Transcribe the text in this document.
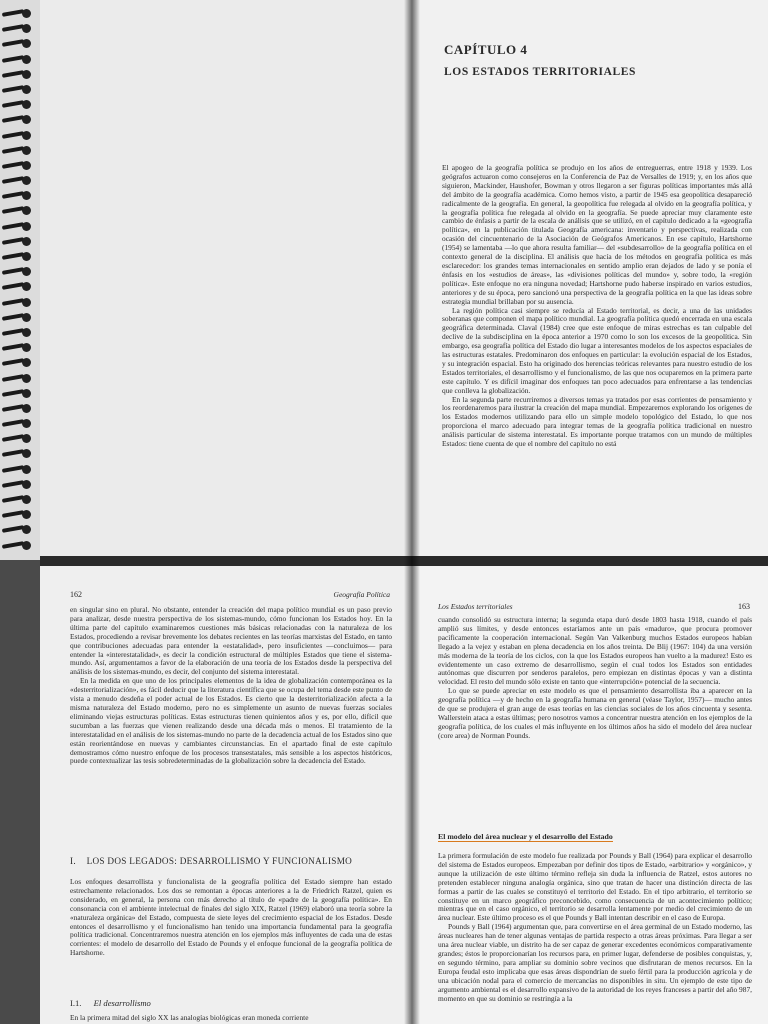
CAPÍTULO 4
LOS ESTADOS TERRITORIALES

El apogeo de la geografía política se produjo en los años de entreguerras, entre 1918 y 1939. Los geógrafos actuaron como consejeros en la Conferencia de Paz de Versalles de 1919; y, en los años que siguieron, Mackinder, Haushofer, Bowman y otros llegaron a ser figuras políticas importantes más allá del ámbito de la geografía académica. Como hemos visto, a partir de 1945 esa geopolítica desapareció radicalmente de la geografía. En general, la geopolítica fue relegada al olvido en la geografía política, y la geografía política fue relegada al olvido en la geografía. Se puede apreciar muy claramente este cambio de énfasis a partir de la escala de análisis que se utilizó, en el capítulo dedicado a la «geografía política», en la publicación titulada Geografía americana: inventario y perspectivas, realizada con ocasión del cincuentenario de la Asociación de Geógrafos Americanos. En ese capítulo, Hartshorne (1954) se lamentaba —lo que ahora resulta familiar— del «subdesarrollo» de la geografía política en el contexto general de la disciplina. El análisis que hacía de los métodos en geografía política es más esclarecedor: los grandes temas internacionales en sentido amplio eran dejados de lado y se ponía el énfasis en los «estudios de áreas», las «divisiones políticas del mundo» y, sobre todo, la «región política». Este enfoque no era ninguna novedad; Hartshorne pudo haberse inspirado en varios estudios, anteriores y de su época, pero sancionó una perspectiva de la geografía política en la que las ideas sobre estrategia mundial brillaban por su ausencia.

La región política casi siempre se reducía al Estado territorial, es decir, a una de las unidades soberanas que componen el mapa político mundial. La geografía política quedó encerrada en una escala geográfica determinada. Claval (1984) cree que este enfoque de miras estrechas es tan culpable del declive de la subdisciplina en la época anterior a 1970 como lo son los excesos de la geopolítica. Sin embargo, esa geografía política del Estado dio lugar a interesantes modelos de los aspectos espaciales de las estructuras estatales. Predominaron dos enfoques en particular: la evolución espacial de los Estados, y su integración espacial. Esto ha originado dos herencias teóricas relevantes para nuestro estudio de los Estados territoriales, el desarrollismo y el funcionalismo, de las que nos ocuparemos en la primera parte este capítulo. Y es difícil imaginar dos enfoques tan poco adecuados para enfrentarse a las tendencias que conlleva la globalización.

En la segunda parte recurriremos a diversos temas ya tratados por esas corrientes de pensamiento y los reordenaremos para ilustrar la creación del mapa mundial. Empezaremos explorando los orígenes de los Estados modernos utilizando para ello un simple modelo topológico del Estado, lo que nos proporciona el marco adecuado para integrar temas de la geografía política tradicional en nuestro análisis particular de sistema interestatal. Es importante porque tratamos con un mundo de múltiples Estados: tiene cuenta de que el nombre del capítulo no está

162	Geografía Política

en singular sino en plural. No obstante, entender la creación del mapa político mundial es un paso previo para analizar, desde nuestra perspectiva de los sistemas-mundo, cómo funcionan los Estados hoy. En la última parte del capítulo examinaremos cuestiones más básicas relacionadas con la naturaleza de los Estados, procediendo a revisar brevemente los debates recientes en las teorías marxistas del Estado, en tanto que contribuciones adecuadas para entender la «estatalidad», pero insuficientes —concluimos— para entender la «interestatalidad», es decir la condición estructural de múltiples Estados que tiene el sistema-mundo. Así, argumentamos a favor de la elaboración de una teoría de los Estados desde la perspectiva del análisis de los sistemas-mundo, es decir, del conjunto del sistema interestatal.

En la medida en que uno de los principales elementos de la idea de globalización contemporánea es la «desterritorialización», es fácil deducir que la literatura científica que se ocupa del tema desde este punto de vista a menudo desdeña el poder actual de los Estados. Es cierto que la desterritorialización afecta a la misma naturaleza del Estado moderno, pero no es simplemente un asunto de nuevas fuerzas sociales eliminando viejas estructuras políticas. Estas estructuras tienen quinientos años y es, por ello, difícil que sucumban a las fuerzas que vienen realizando desde una década más o menos. El tratamiento de la interestatalidad en el análisis de los sistemas-mundo no parte de la decadencia actual de los Estados sino que están reorientándose en nuevas y cambiantes circunstancias. En el apartado final de este capítulo demostramos cómo nuestro enfoque de los procesos transestatales, más sensible a los aspectos históricos, puede contextualizar las tesis sobredeterminadas de la globalización sobre la decadencia del Estado.

I. LOS DOS LEGADOS: DESARROLLISMO Y FUNCIONALISMO

Los enfoques desarrollista y funcionalista de la geografía política del Estado siempre han estado estrechamente relacionados. Los dos se remontan a épocas anteriores a la de Friedrich Ratzel, quien es considerado, en general, la persona con más derecho al título de «padre de la geografía política». En consonancia con el ambiente intelectual de finales del siglo XIX, Ratzel (1969) elaboró una teoría sobre la «naturaleza orgánica» del Estado, compuesta de siete leyes del crecimiento espacial de los Estados. Desde entonces el desarrollismo y el funcionalismo han tenido una importancia fundamental para la geografía política tradicional. Concentraremos nuestra atención en los ejemplos más influyentes de cada una de estas corrientes: el modelo de desarrollo del Estado de Pounds y el enfoque funcional de la geografía política de Hartshorne.

I.1. El desarrollismo

En la primera mitad del siglo XX las analogías biológicas eran moneda corriente

Los Estados territoriales	163

cuando consolidó su estructura interna; la segunda etapa duró desde 1803 hasta 1918, cuando el país amplió sus límites, y desde entonces estaríamos ante un país «maduro», que procura promover pacíficamente la cooperación internacional. Según Van Valkenburg muchos Estados europeos habían llegado a la vejez y estaban en plena decadencia en los años treinta. De Blij (1967: 104) da una versión más moderna de la teoría de los ciclos, con la que los Estados europeos han vuelto a la madurez! Esto es evidentemente un caso extremo de desarrollismo, según el cual todos los Estados son entidades autónomas que discurren por senderos paralelos, pero empiezan en distintas épocas y van a distinta velocidad. El resto del mundo sólo existe en tanto que «interrupción» potencial de la secuencia.

Lo que se puede apreciar en este modelo es que el pensamiento desarrollista iba a aparecer en la geografía política —y de hecho en la geografía humana en general (véase Taylor, 1957)— mucho antes de que se produjera el gran auge de esas teorías en las ciencias sociales de los años cincuenta y sesenta. Wallerstein ataca a estas últimas; pero nosotros vamos a concentrar nuestra atención en los ejemplos de la geografía política, de los cuales el más influyente en los últimos años ha sido el modelo del área nuclear (core area) de Norman Pounds.

El modelo del área nuclear y el desarrollo del Estado

La primera formulación de este modelo fue realizada por Pounds y Ball (1964) para explicar el desarrollo del sistema de Estados europeos. Empezaban por definir dos tipos de Estado, «arbitrario» y «orgánico», y aunque la utilización de este último término refleja sin duda la influencia de Ratzel, estos autores no pretenden establecer ninguna analogía orgánica, sino que tratan de hacer una distinción directa de las formas a partir de las cuales se constituyó el territorio del Estado. En el tipo arbitrario, el territorio se constituye en un marco geográfico preconcebido, como consecuencia de un acontecimiento político; mientras que en el caso orgánico, el territorio se desarrolla lentamente por medio del crecimiento de un área nuclear. Este último proceso es el que Pounds y Ball intentan describir en el caso de Europa.

Pounds y Ball (1964) argumentan que, para convertirse en el área germinal de un Estado moderno, las áreas nucleares han de tener algunas ventajas de partida respecto a otras áreas próximas. Para llegar a ser una área nuclear viable, un distrito ha de ser capaz de generar excedentes económicos comparativamente grandes; éstos le proporcionarían los recursos para, en primer lugar, defenderse de posibles conquistas, y, en segundo término, para ampliar su dominio sobre vecinos que disfrutaran de menos recursos. En la Europa feudal esto implicaba que esas áreas dispondrían de suelo fértil para la producción agrícola y de una ubicación nodal para el comercio de mercancías no disponibles in situ. Un ejemplo de este tipo de argumento ambiental es el desarrollo expansivo de la autoridad de los reyes franceses a partir del año 987, momento en que su dominio se restringía a la
